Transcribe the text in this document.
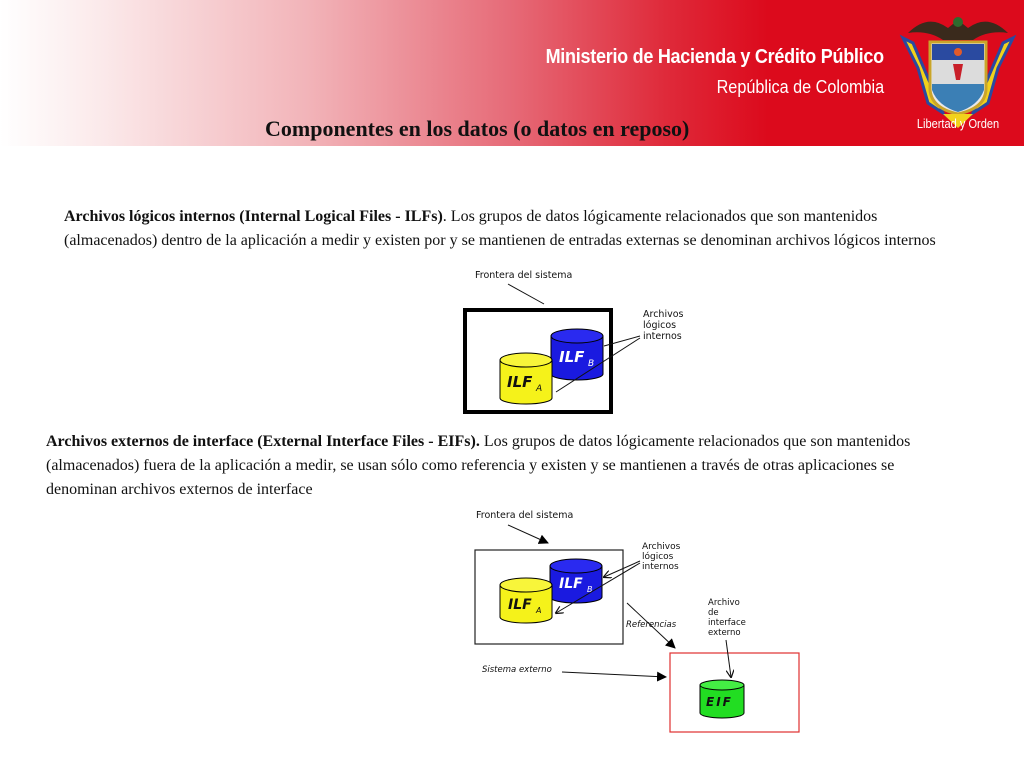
Ministerio de Hacienda y Crédito Público
República de Colombia
Libertad y Orden
Componentes en los datos (o datos en reposo)
Archivos lógicos internos (Internal Logical Files - ILFs). Los grupos de datos lógicamente relacionados que son mantenidos (almacenados) dentro de la aplicación a medir y existen por y se mantienen de entradas externas se denominan archivos lógicos internos
Frontera del sistema
ILF B
ILF A
Archivos
lógicos
internos
Archivos externos de interface (External Interface Files - EIFs). Los grupos de datos lógicamente relacionados que son mantenidos (almacenados) fuera de la aplicación a medir, se usan sólo como referencia y existen y se mantienen a través de otras aplicaciones se denominan archivos externos de interface
Frontera del sistema
ILF B
ILF A
Archivos
lógicos
internos
Referencias
Sistema externo
Archivo
de
interface
externo
EIF
